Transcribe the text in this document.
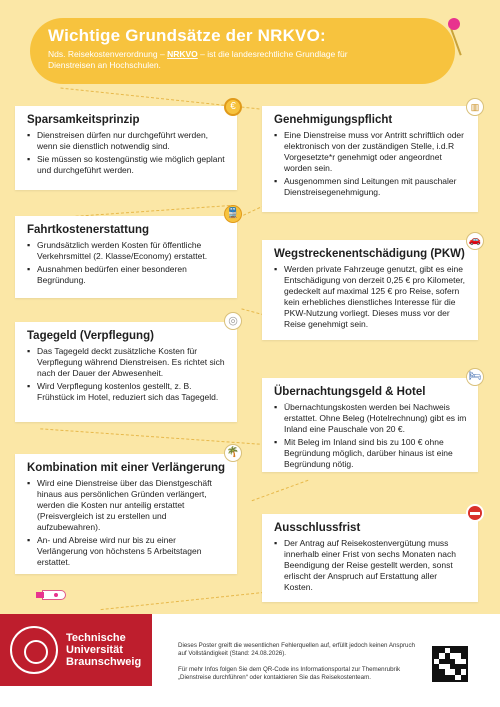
Wichtige Grundsätze der NRKVO:

Nds. Reisekostenverordnung – NRKVO – ist die landesrechtliche Grundlage für Dienstreisen an Hochschulen.

Sparsamkeitsprinzip
▪ Dienstreisen dürfen nur durchgeführt werden, wenn sie dienstlich notwendig sind.
▪ Sie müssen so kostengünstig wie möglich geplant und durchgeführt werden.
€
Genehmigungspflicht
▪ Eine Dienstreise muss vor Antritt schriftlich oder elektronisch von der zuständigen Stelle, i.d.R Vorgesetzte*r genehmigt oder angeordnet worden sein.
▪ Ausgenommen sind Leitungen mit pauschaler Dienstreisegenehmigung.
▥
Fahrtkostenerstattung
▪ Grundsätzlich werden Kosten für öffentliche Verkehrsmittel (2. Klasse/Economy) erstattet.
▪ Ausnahmen bedürfen einer besonderen Begründung.
🚆
Wegstreckenentschädigung (PKW)
▪ Werden private Fahrzeuge genutzt, gibt es eine Entschädigung von derzeit 0,25 € pro Kilometer, gedeckelt auf maximal 125 € pro Reise, sofern kein erhebliches dienstliches Interesse für die PKW-Nutzung vorliegt. Dieses muss vor der Reise genehmigt sein.
🚗
Tagegeld (Verpflegung)
▪ Das Tagegeld deckt zusätzliche Kosten für Verpflegung während Dienstreisen. Es richtet sich nach der Dauer der Abwesenheit.
▪ Wird Verpflegung kostenlos gestellt, z. B. Frühstück im Hotel, reduziert sich das Tagegeld.
◎
Übernachtungsgeld & Hotel
▪ Übernachtungskosten werden bei Nachweis erstattet. Ohne Beleg (Hotelrechnung) gibt es im Inland eine Pauschale von 20 €.
▪ Mit Beleg im Inland sind bis zu 100 € ohne Begründung möglich, darüber hinaus ist eine Begründung nötig.
🛏
Kombination mit einer Verlängerung
▪ Wird eine Dienstreise über das Dienstgeschäft hinaus aus persönlichen Gründen verlängert, werden die Kosten nur anteilig erstattet (Preisvergleich ist zu erstellen und aufzubewahren).
▪ An- und Abreise wird nur bis zu einer Verlängerung von höchstens 5 Arbeitstagen erstattet.
🌴
Ausschlussfrist
▪ Der Antrag auf Reisekostenvergütung muss innerhalb einer Frist von sechs Monaten nach Beendigung der Reise gestellt werden, sonst erlischt der Anspruch auf Erstattung aller Kosten.
Technische
Universität
Braunschweig

Dieses Poster greift die wesentlichen Fehlerquellen auf, erfüllt jedoch keinen Anspruch auf Vollständigkeit (Stand: 24.08.2026).

Für mehr Infos folgen Sie dem QR-Code ins Informationsportal zur Themenrubrik „Dienstreise durchführen“ oder kontaktieren Sie das Reisekostenteam.
